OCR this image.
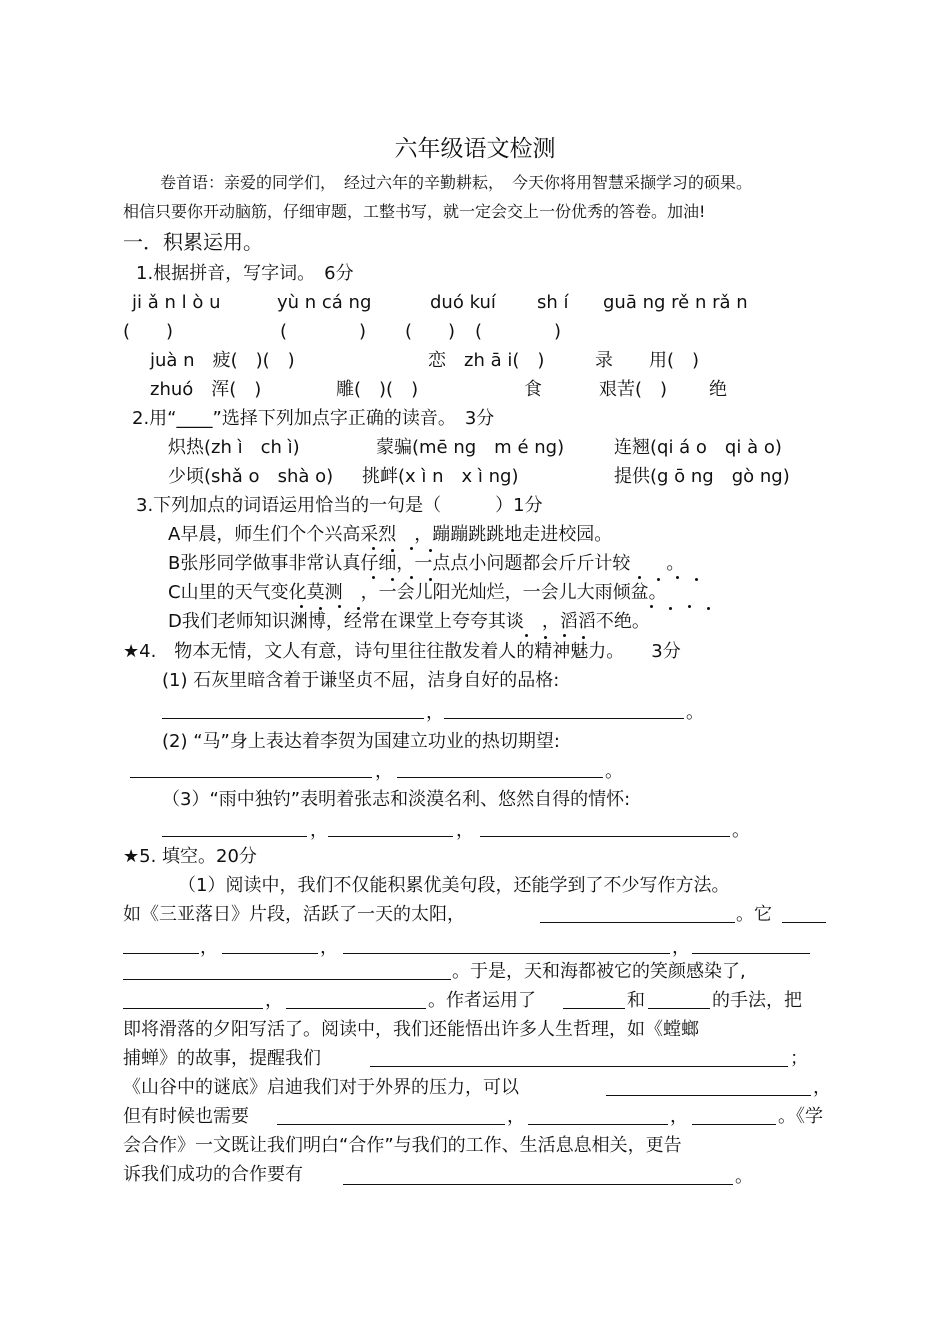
六年级语文检测
卷首语：亲爱的同学们，　经过六年的辛勤耕耘，　今天你将用智慧采撷学习的硕果。
相信只要你开动脑筋，仔细审题，工整书写，就一定会交上一份优秀的答卷。加油!
一．积累运用。
1.根据拼音，写字词。　6分
ji ǎ n l ò u	yù n cá ng	duó kuí sh í guā ng rě n rǎ n
(　　)	(　　　　) (　　) (　　　　)
juà n　疲(　)(　)	恋　zh ā i(　)	录　　用(　)
zhuó　浑(　)	雕(　)(　)	食	艰苦(　) 绝
2.用“____”选择下列加点字正确的读音。　3分
炽热(zh ì　ch ì)	蒙骗(mē ng　m é ng)	连翘(qi á o　qi à o)
少顷(shǎ o　shà o) 挑衅(x ì n　x ì ng)	提供(g ō ng　gò ng)
3.下列加点的词语运用恰当的一句是（　　　）1分
A早晨，师生们个个兴高采烈　，蹦蹦跳跳地走进校园。
B张彤同学做事非常认真仔细，一点点小问题都会斤斤计较　　。
C山里的天气变化莫测　，一会儿阳光灿烂，一会儿大雨倾盆。
D我们老师知识渊博，经常在课堂上夸夸其谈　，滔滔不绝。
★4.　物本无情，文人有意，诗句里往往散发着人的精神魅力。　　3分
(1) 石灰里暗含着于谦坚贞不屈，洁身自好的品格:
，	。
(2) “马”身上表达着李贺为国建立功业的热切期望:
，	。
（3）“雨中独钓”表明着张志和淡漠名利、悠然自得的情怀:
，	，	。
★5. 填空。20分
（1）阅读中，我们不仅能积累优美句段，还能学到了不少写作方法。
如《三亚落日》片段，活跃了一天的太阳，	。它
，	，	，
。于是，天和海都被它的笑颜感染了,
，	。作者运用了	和	的手法，把
即将滑落的夕阳写活了。阅读中，我们还能悟出许多人生哲理，如《螳螂
捕蝉》的故事，提醒我们	；
《山谷中的谜底》启迪我们对于外界的压力，可以	，
但有时候也需要	，	，	。《学
会合作》一文既让我们明白“合作”与我们的工作、生活息息相关，更告
诉我们成功的合作要有	。
